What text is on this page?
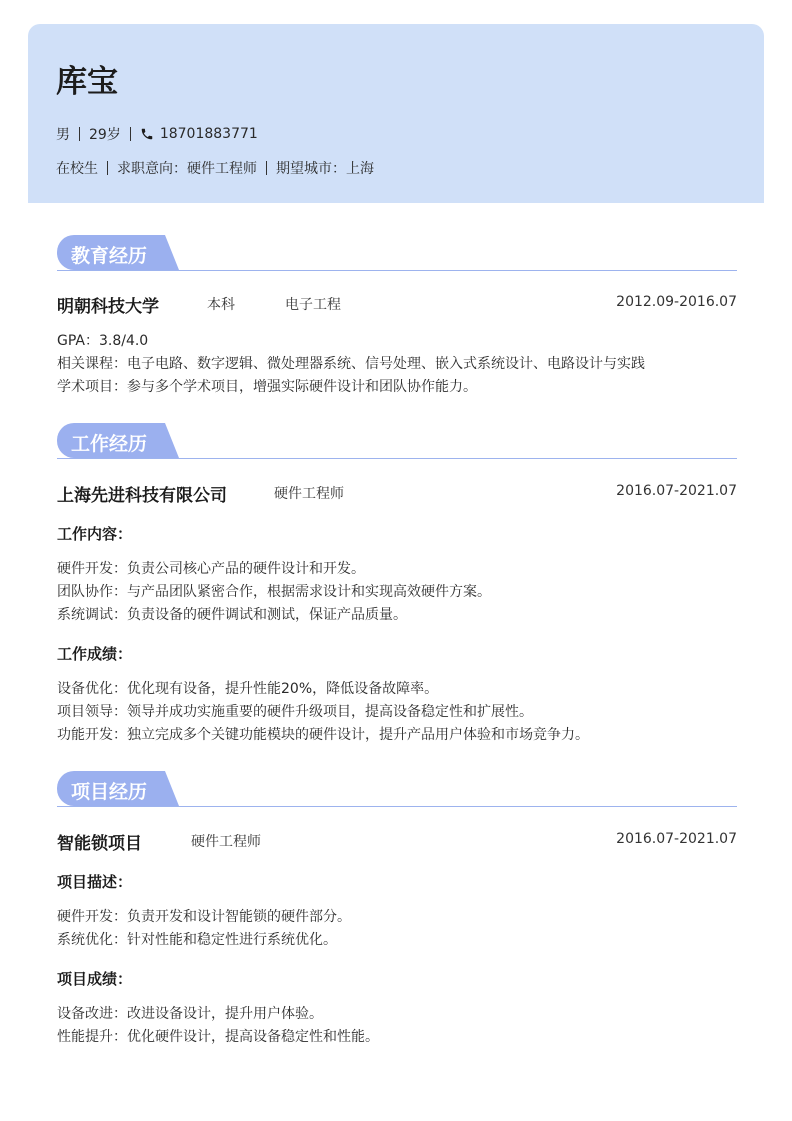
库宝
男 29岁	18701883771
在校生 求职意向：硬件工程师 期望城市：上海
教育经历
明朝科技大学	本科	电子工程	2012.09-2016.07
GPA：3.8/4.0
相关课程：电子电路、数字逻辑、微处理器系统、信号处理、嵌入式系统设计、电路设计与实践
学术项目：参与多个学术项目，增强实际硬件设计和团队协作能力。
工作经历
上海先进科技有限公司	硬件工程师	2016.07-2021.07
工作内容：
硬件开发：负责公司核心产品的硬件设计和开发。
团队协作：与产品团队紧密合作，根据需求设计和实现高效硬件方案。
系统调试：负责设备的硬件调试和测试，保证产品质量。
工作成绩：
设备优化：优化现有设备，提升性能20%，降低设备故障率。
项目领导：领导并成功实施重要的硬件升级项目，提高设备稳定性和扩展性。
功能开发：独立完成多个关键功能模块的硬件设计，提升产品用户体验和市场竞争力。
项目经历
智能锁项目	硬件工程师	2016.07-2021.07
项目描述：
硬件开发：负责开发和设计智能锁的硬件部分。
系统优化：针对性能和稳定性进行系统优化。
项目成绩：
设备改进：改进设备设计，提升用户体验。
性能提升：优化硬件设计，提高设备稳定性和性能。
